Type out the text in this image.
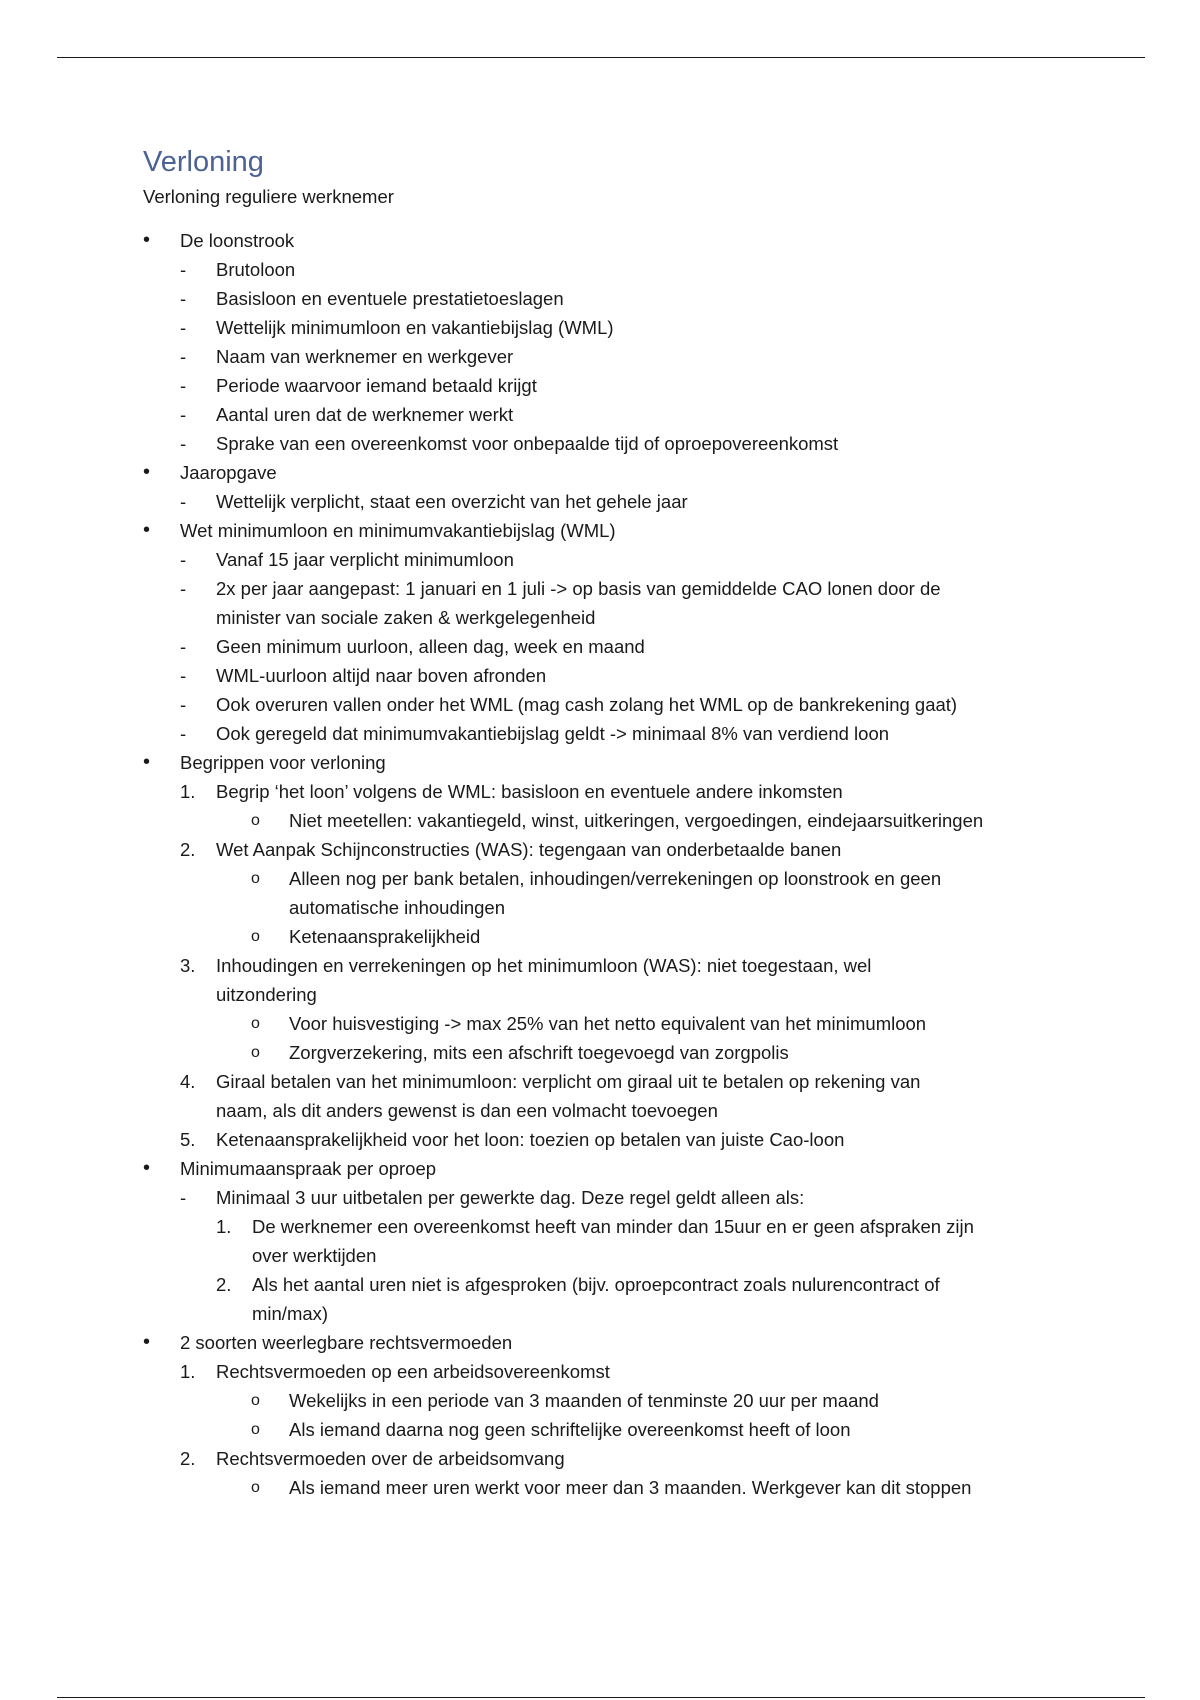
Verloning

Verloning reguliere werknemer

• De loonstrook
- Brutoloon
- Basisloon en eventuele prestatietoeslagen
- Wettelijk minimumloon en vakantiebijslag (WML)
- Naam van werknemer en werkgever
- Periode waarvoor iemand betaald krijgt
- Aantal uren dat de werknemer werkt
- Sprake van een overeenkomst voor onbepaalde tijd of oproepovereenkomst
• Jaaropgave
- Wettelijk verplicht, staat een overzicht van het gehele jaar
• Wet minimumloon en minimumvakantiebijslag (WML)
- Vanaf 15 jaar verplicht minimumloon
- 2x per jaar aangepast: 1 januari en 1 juli -> op basis van gemiddelde CAO lonen door de
minister van sociale zaken & werkgelegenheid
- Geen minimum uurloon, alleen dag, week en maand
- WML-uurloon altijd naar boven afronden
- Ook overuren vallen onder het WML (mag cash zolang het WML op de bankrekening gaat)
- Ook geregeld dat minimumvakantiebijslag geldt -> minimaal 8% van verdiend loon
• Begrippen voor verloning
1. Begrip ‘het loon’ volgens de WML: basisloon en eventuele andere inkomsten
o Niet meetellen: vakantiegeld, winst, uitkeringen, vergoedingen, eindejaarsuitkeringen
2. Wet Aanpak Schijnconstructies (WAS): tegengaan van onderbetaalde banen
o Alleen nog per bank betalen, inhoudingen/verrekeningen op loonstrook en geen
automatische inhoudingen
o Ketenaansprakelijkheid
3. Inhoudingen en verrekeningen op het minimumloon (WAS): niet toegestaan, wel
uitzondering
o Voor huisvestiging -> max 25% van het netto equivalent van het minimumloon
o Zorgverzekering, mits een afschrift toegevoegd van zorgpolis
4. Giraal betalen van het minimumloon: verplicht om giraal uit te betalen op rekening van
naam, als dit anders gewenst is dan een volmacht toevoegen
5. Ketenaansprakelijkheid voor het loon: toezien op betalen van juiste Cao-loon
• Minimumaanspraak per oproep
- Minimaal 3 uur uitbetalen per gewerkte dag. Deze regel geldt alleen als:
1. De werknemer een overeenkomst heeft van minder dan 15uur en er geen afspraken zijn
over werktijden
2. Als het aantal uren niet is afgesproken (bijv. oproepcontract zoals nulurencontract of
min/max)
• 2 soorten weerlegbare rechtsvermoeden
1. Rechtsvermoeden op een arbeidsovereenkomst
o Wekelijks in een periode van 3 maanden of tenminste 20 uur per maand
o Als iemand daarna nog geen schriftelijke overeenkomst heeft of loon
2. Rechtsvermoeden over de arbeidsomvang
o Als iemand meer uren werkt voor meer dan 3 maanden. Werkgever kan dit stoppen
